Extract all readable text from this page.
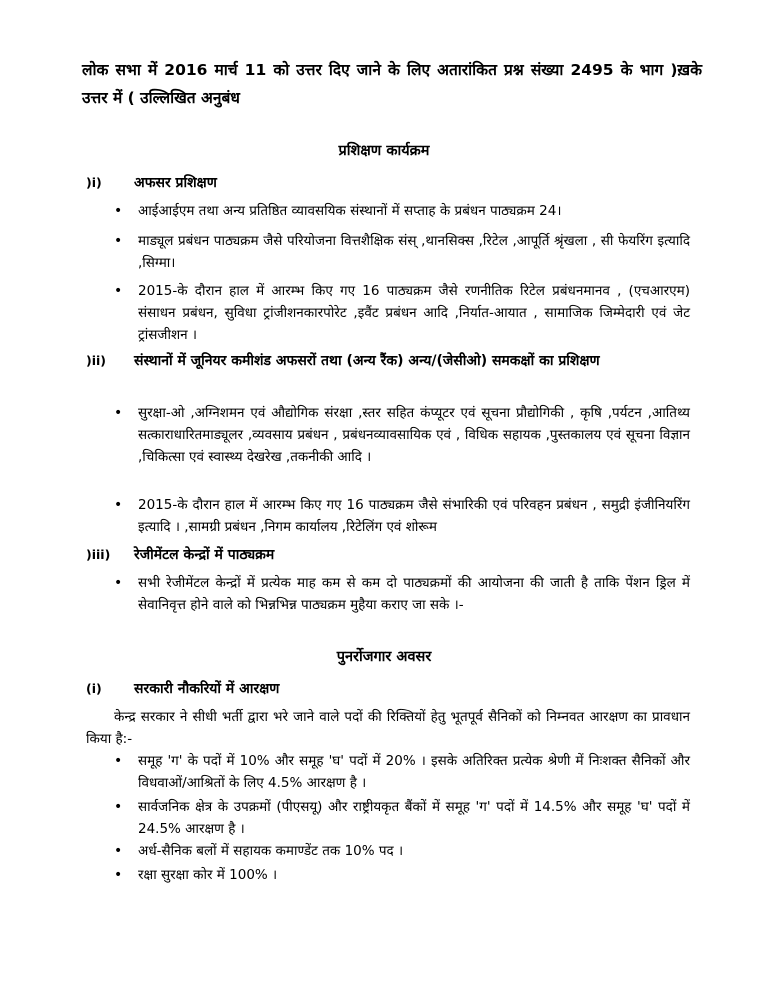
लोक सभा में 2016 मार्च 11 को उत्तर दिए जाने के लिए अतारांकित प्रश्न संख्या 2495 के भाग )ख़के उत्तर में ( उल्लिखित अनुबंध
प्रशिक्षण कार्यक्रम
)i)	अफसर प्रशिक्षण
• आईआईएम तथा अन्य प्रतिष्ठित व्यावसयिक संस्थानों में सप्ताह के प्रबंधन पाठ्यक्रम 24।
• माड्यूल प्रबंधन पाठ्यक्रम जैसे परियोजना वित्तशैक्षिक संस् ,थानसिक्स ,रिटेल ,आपूर्ति श्रृंखला , सी फेयरिंग इत्यादि ,सिग्मा।
• 2015-के दौरान हाल में आरम्भ किए गए 16 पाठ्यक्रम जैसे रणनीतिक रिटेल प्रबंधनमानव , (एचआरएम) संसाधन प्रबंधन, सुविधा ट्रांजीशनकारपोरेट ,इवैंट प्रबंधन आदि ,निर्यात-आयात , सामाजिक जिम्मेदारी एवं जेट ट्रांसजीशन ।
)ii)	संस्थानों में जूनियर कमीशंड अफसरों तथा (अन्य रैंक) अन्य/(जेसीओ) समकक्षों का प्रशिक्षण
• सुरक्षा-ओ ,अग्निशमन एवं औद्योगिक संरक्षा ,स्तर सहित कंप्यूटर एवं सूचना प्रौद्योगिकी , कृषि ,पर्यटन ,आतिथ्य सत्काराधारितमाड्यूलर ,व्यवसाय प्रबंधन , प्रबंधनव्यावसायिक एवं , विधिक सहायक ,पुस्तकालय एवं सूचना विज्ञान ,चिकित्सा एवं स्वास्थ्य देखरेख ,तकनीकी आदि ।
• 2015-के दौरान हाल में आरम्भ किए गए 16 पाठ्यक्रम जैसे संभारिकी एवं परिवहन प्रबंधन , समुद्री इंजीनियरिंग इत्यादि । ,सामग्री प्रबंधन ,निगम कार्यालय ,रिटेलिंग एवं शोरूम
)iii)	रेजीमेंटल केन्द्रों में पाठ्यक्रम
• सभी रेजीमेंटल केन्द्रों में प्रत्येक माह कम से कम दो पाठ्यक्रमों की आयोजना की जाती है ताकि पेंशन ड्रिल में सेवानिवृत्त होने वाले को भिन्नभिन्न पाठ्यक्रम मुहैया कराए जा सके ।-
पुनर्रोजगार अवसर
(i)	सरकारी नौकरियों में आरक्षण
केन्द्र सरकार ने सीधी भर्ती द्वारा भरे जाने वाले पदों की रिक्तियों हेतु भूतपूर्व सैनिकों को निम्नवत आरक्षण का प्रावधान किया है:-
• समूह 'ग' के पदों में 10% और समूह 'घ' पदों में 20% । इसके अतिरिक्त प्रत्येक श्रेणी में निःशक्त सैनिकों और विधवाओं/आश्रितों के लिए 4.5% आरक्षण है ।
• सार्वजनिक क्षेत्र के उपक्रमों (पीएसयू) और राष्ट्रीयकृत बैंकों में समूह 'ग' पदों में 14.5% और समूह 'घ' पदों में 24.5% आरक्षण है ।
• अर्ध-सैनिक बलों में सहायक कमाण्डेंट तक 10% पद ।
• रक्षा सुरक्षा कोर में 100% ।
